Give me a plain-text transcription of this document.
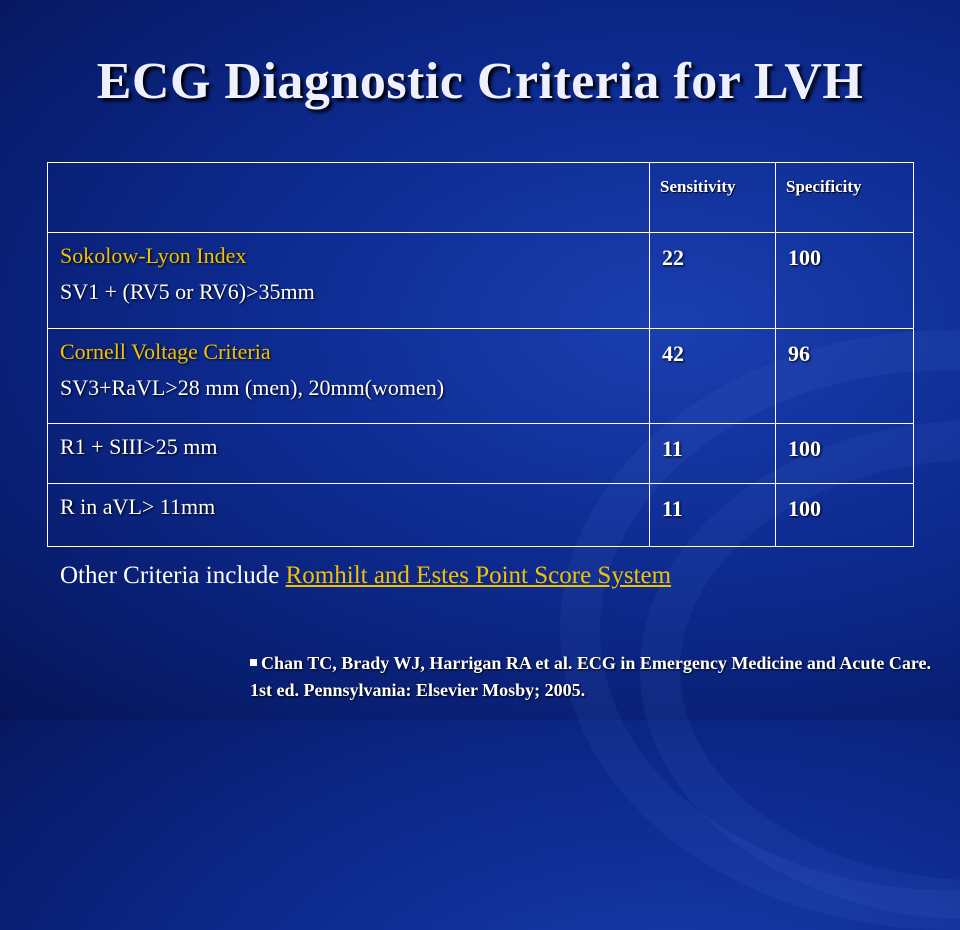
ECG Diagnostic Criteria for LVH
	Sensitivity	Specificity

Sokolow-Lyon Index
SV1 + (RV5 or RV6)>35mm	22	100

Cornell Voltage Criteria
SV3+RaVL>28 mm (men), 20mm(women)	42	96

R1 + SIII>25 mm	11	100

R in aVL> 11mm	11	100
Other Criteria include Romhilt and Estes Point Score System
Chan TC, Brady WJ, Harrigan RA et al. ECG in Emergency Medicine and Acute Care. 1st ed. Pennsylvania: Elsevier Mosby; 2005.
